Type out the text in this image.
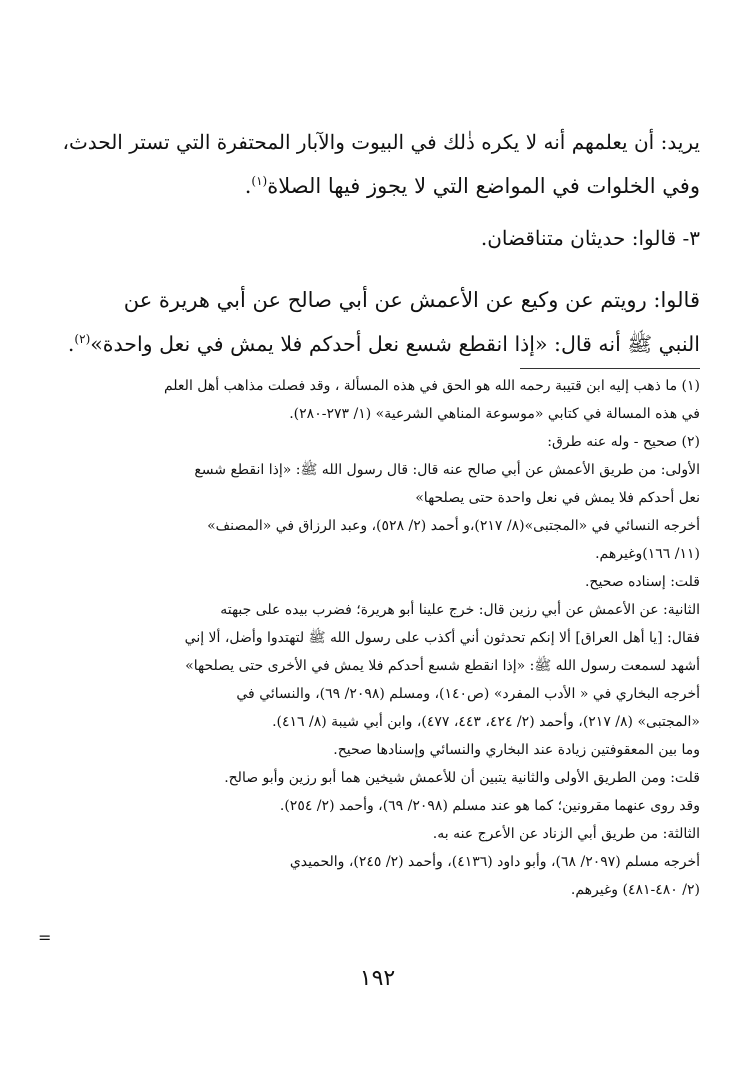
يريد: أن يعلمهم أنه لا يكره ذٰلك في البيوت والآبار المحتفرة التي تستر الحدث،
وفي الخلوات في المواضع التي لا يجوز فيها الصلاة$^{(١)}$.
٣- قالوا: حديثان متناقضان.
قالوا: رويتم عن وكيع عن الأعمش عن أبي صالح عن أبي هريرة عن
النبي ﷺ أنه قال: «إذا انقطع شسع نعل أحدكم فلا يمش في نعل واحدة»$^{(٢)}$.
(١) ما ذهب إليه ابن قتيبة رحمه الله هو الحق في هذه المسألة ، وقد فصلت مذاهب أهل العلم
في هذه المسالة في كتابي «موسوعة المناهي الشرعية» (١/ ٢٧٣-٢٨٠).
(٢) صحيح - وله عنه طرق:
الأولى: من طريق الأعمش عن أبي صالح عنه قال: قال رسول الله ﷺ: «إذا انقطع شسع
نعل أحدكم فلا يمش في نعل واحدة حتى يصلحها»
أخرجه النسائي في «المجتبى»(٨/ ٢١٧)،و أحمد (٢/ ٥٢٨)، وعبد الرزاق في «المصنف»
(١١/ ١٦٦)وغيرهم.
قلت: إسناده صحيح.
الثانية: عن الأعمش عن أبي رزين قال: خرج علينا أبو هريرة؛ فضرب بيده على جبهته
فقال: [يا أهل العراق] ألا إنكم تحدثون أني أكذب على رسول الله ﷺ لتهتدوا وأضل، ألا إني
أشهد لسمعت رسول الله ﷺ: «إذا انقطع شسع أحدكم فلا يمش في الأخرى حتى يصلحها»
أخرجه البخاري في « الأدب المفرد» (ص١٤٠)، ومسلم (٢٠٩٨/ ٦٩)، والنسائي في
«المجتبى» (٨/ ٢١٧)، وأحمد (٢/ ٤٢٤، ٤٤٣، ٤٧٧)، وابن أبي شيبة (٨/ ٤١٦).
وما بين المعقوفتين زيادة عند البخاري والنسائي وإسنادها صحيح.
قلت: ومن الطريق الأولى والثانية يتبين أن للأعمش شيخين هما أبو رزين وأبو صالح.
وقد روى عنهما مقرونين؛ كما هو عند مسلم (٢٠٩٨/ ٦٩)، وأحمد (٢/ ٢٥٤).
الثالثة: من طريق أبي الزناد عن الأعرج عنه به.
أخرجه مسلم (٢٠٩٧/ ٦٨)، وأبو داود (٤١٣٦)، وأحمد (٢/ ٢٤٥)، والحميدي
(٢/ ٤٨٠-٤٨١) وغيرهم.
=
١٩٢
